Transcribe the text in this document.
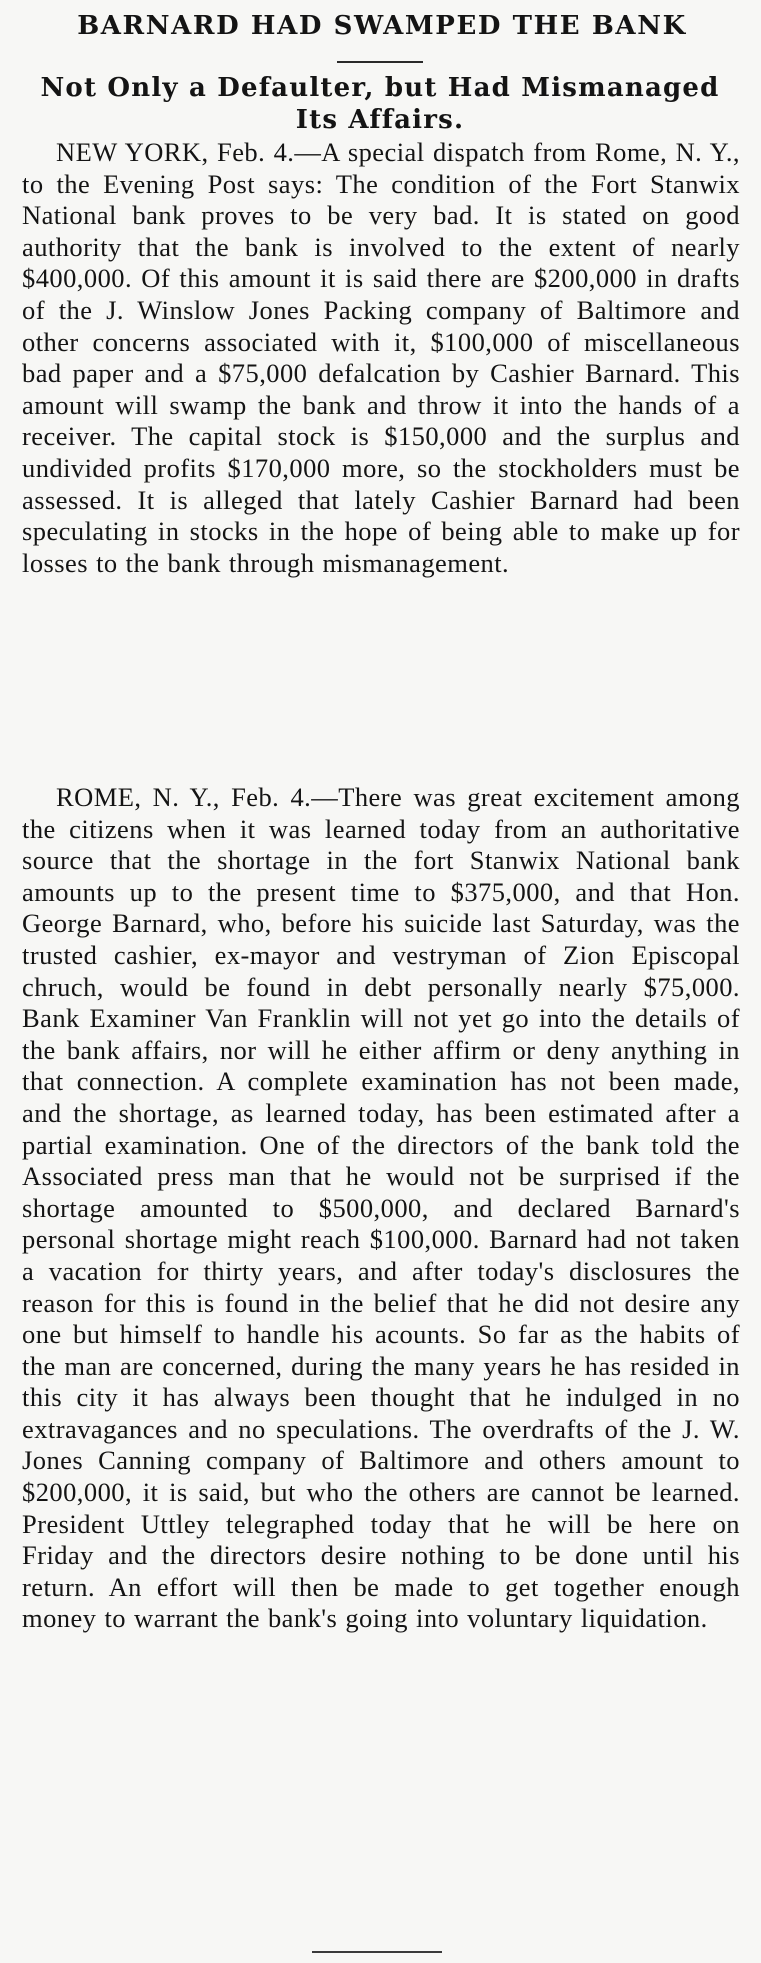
BARNARD HAD SWAMPED THE BANK
Not Only a Defaulter, but Had Mismanaged Its Affairs.
NEW YORK, Feb. 4.—A special dispatch from Rome, N. Y., to the Evening Post says: The condition of the Fort Stanwix National bank proves to be very bad. It is stated on good authority that the bank is involved to the extent of nearly $400,000. Of this amount it is said there are $200,000 in drafts of the J. Winslow Jones Packing company of Baltimore and other concerns associated with it, $100,000 of miscellaneous bad paper and a $75,000 defalcation by Cashier Barnard. This amount will swamp the bank and throw it into the hands of a receiver. The capital stock is $150,000 and the surplus and undivided profits $170,000 more, so the stockholders must be assessed. It is alleged that lately Cashier Barnard had been speculating in stocks in the hope of being able to make up for losses to the bank through mismanagement.
ROME, N. Y., Feb. 4.—There was great excitement among the citizens when it was learned today from an authoritative source that the shortage in the fort Stanwix National bank amounts up to the present time to $375,000, and that Hon. George Barnard, who, before his suicide last Saturday, was the trusted cashier, ex-mayor and vestryman of Zion Episcopal chruch, would be found in debt personally nearly $75,000. Bank Examiner Van Franklin will not yet go into the details of the bank affairs, nor will he either affirm or deny anything in that connection. A complete examination has not been made, and the shortage, as learned today, has been estimated after a partial examination. One of the directors of the bank told the Associated press man that he would not be surprised if the shortage amounted to $500,000, and declared Barnard's personal shortage might reach $100,000. Barnard had not taken a vacation for thirty years, and after today's disclosures the reason for this is found in the belief that he did not desire any one but himself to handle his acounts. So far as the habits of the man are concerned, during the many years he has resided in this city it has always been thought that he indulged in no extravagances and no speculations. The overdrafts of the J. W. Jones Canning company of Baltimore and others amount to $200,000, it is said, but who the others are cannot be learned. President Uttley telegraphed today that he will be here on Friday and the directors desire nothing to be done until his return. An effort will then be made to get together enough money to warrant the bank's going into voluntary liquidation.
